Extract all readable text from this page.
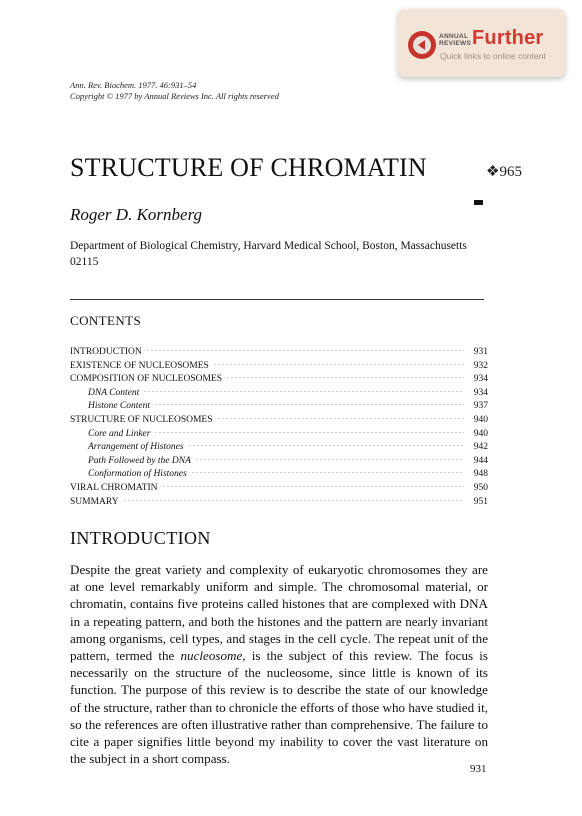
ANNUAL REVIEWS Further
Quick links to online content
Ann. Rev. Biochem. 1977. 46:931–54
Copyright © 1977 by Annual Reviews Inc. All rights reserved
STRUCTURE OF CHROMATIN	❖965
Roger D. Kornberg
Department of Biological Chemistry, Harvard Medical School, Boston, Massachusetts 02115
CONTENTS
INTRODUCTION	931
EXISTENCE OF NUCLEOSOMES	932
COMPOSITION OF NUCLEOSOMES	934
DNA Content	934
Histone Content	937
STRUCTURE OF NUCLEOSOMES	940
Core and Linker	940
Arrangement of Histones	942
Path Followed by the DNA	944
Conformation of Histones	948
VIRAL CHROMATIN	950
SUMMARY	951
INTRODUCTION
Despite the great variety and complexity of eukaryotic chromosomes they are at one level remarkably uniform and simple. The chromosomal material, or chromatin, contains five proteins called histones that are complexed with DNA in a repeating pattern, and both the histones and the pattern are nearly invariant among organisms, cell types, and stages in the cell cycle. The repeat unit of the pattern, termed the nucleosome, is the subject of this review. The focus is necessarily on the structure of the nucleosome, since little is known of its function. The purpose of this review is to describe the state of our knowledge of the structure, rather than to chronicle the efforts of those who have studied it, so the references are often illustrative rather than comprehensive. The failure to cite a paper signifies little beyond my inability to cover the vast literature on the subject in a short compass.
931
